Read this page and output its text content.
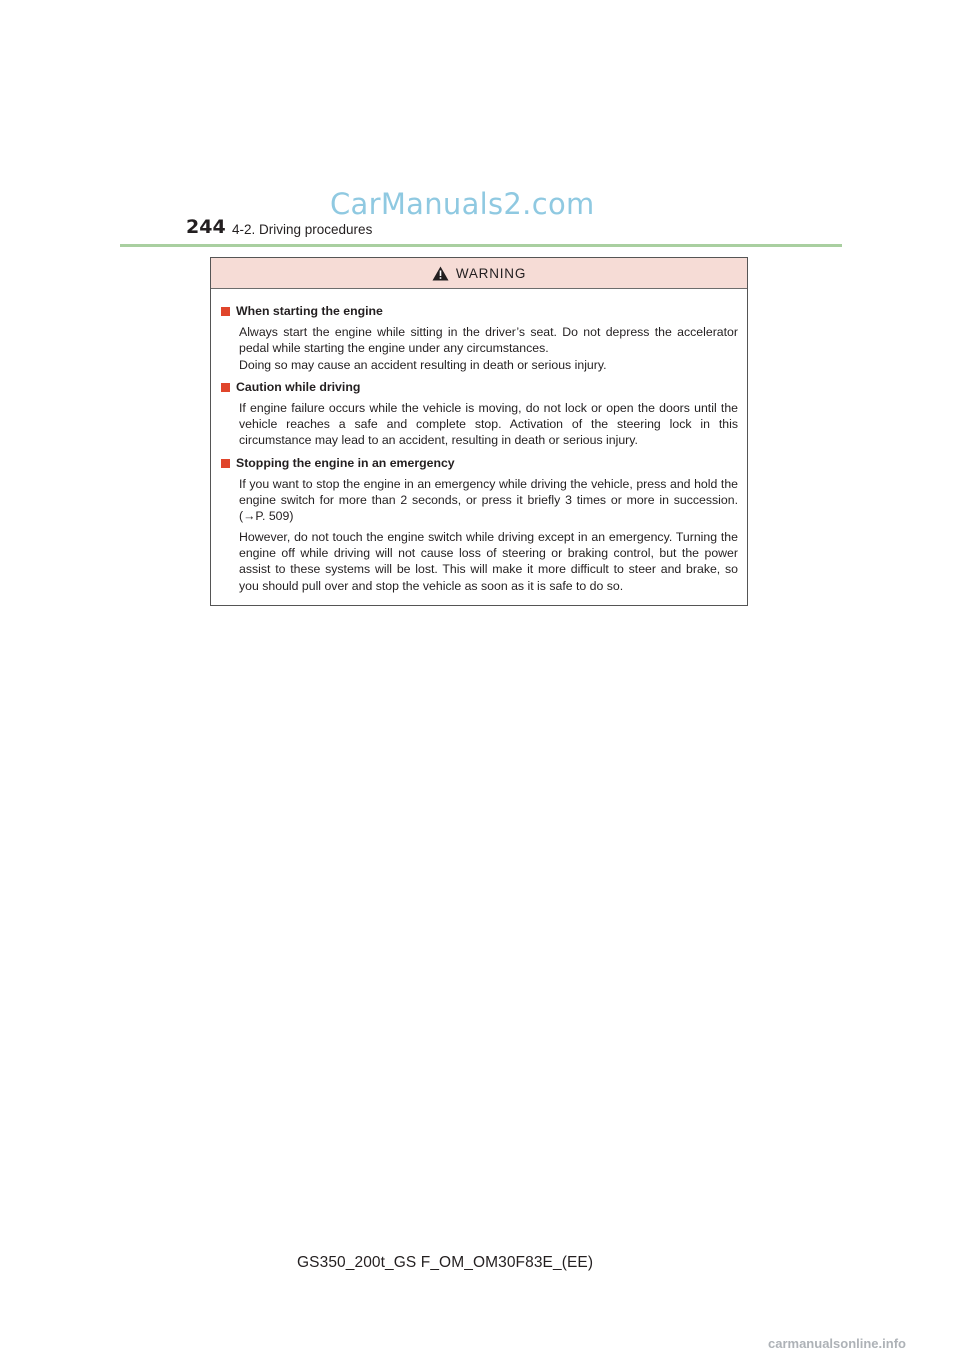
CarManuals2.com
244 4-2. Driving procedures
WARNING
When starting the engine

Always start the engine while sitting in the driver’s seat. Do not depress the accelerator pedal while starting the engine under any circumstances.

Doing so may cause an accident resulting in death or serious injury.

Caution while driving

If engine failure occurs while the vehicle is moving, do not lock or open the doors until the vehicle reaches a safe and complete stop. Activation of the steering lock in this circumstance may lead to an accident, resulting in death or serious injury.

Stopping the engine in an emergency

If you want to stop the engine in an emergency while driving the vehicle, press and hold the engine switch for more than 2 seconds, or press it briefly 3 times or more in succession. (→P. 509)

However, do not touch the engine switch while driving except in an emergency. Turning the engine off while driving will not cause loss of steering or braking control, but the power assist to these systems will be lost. This will make it more difficult to steer and brake, so you should pull over and stop the vehicle as soon as it is safe to do so.

GS350_200t_GS F_OM_OM30F83E_(EE)
carmanualsonline.info
